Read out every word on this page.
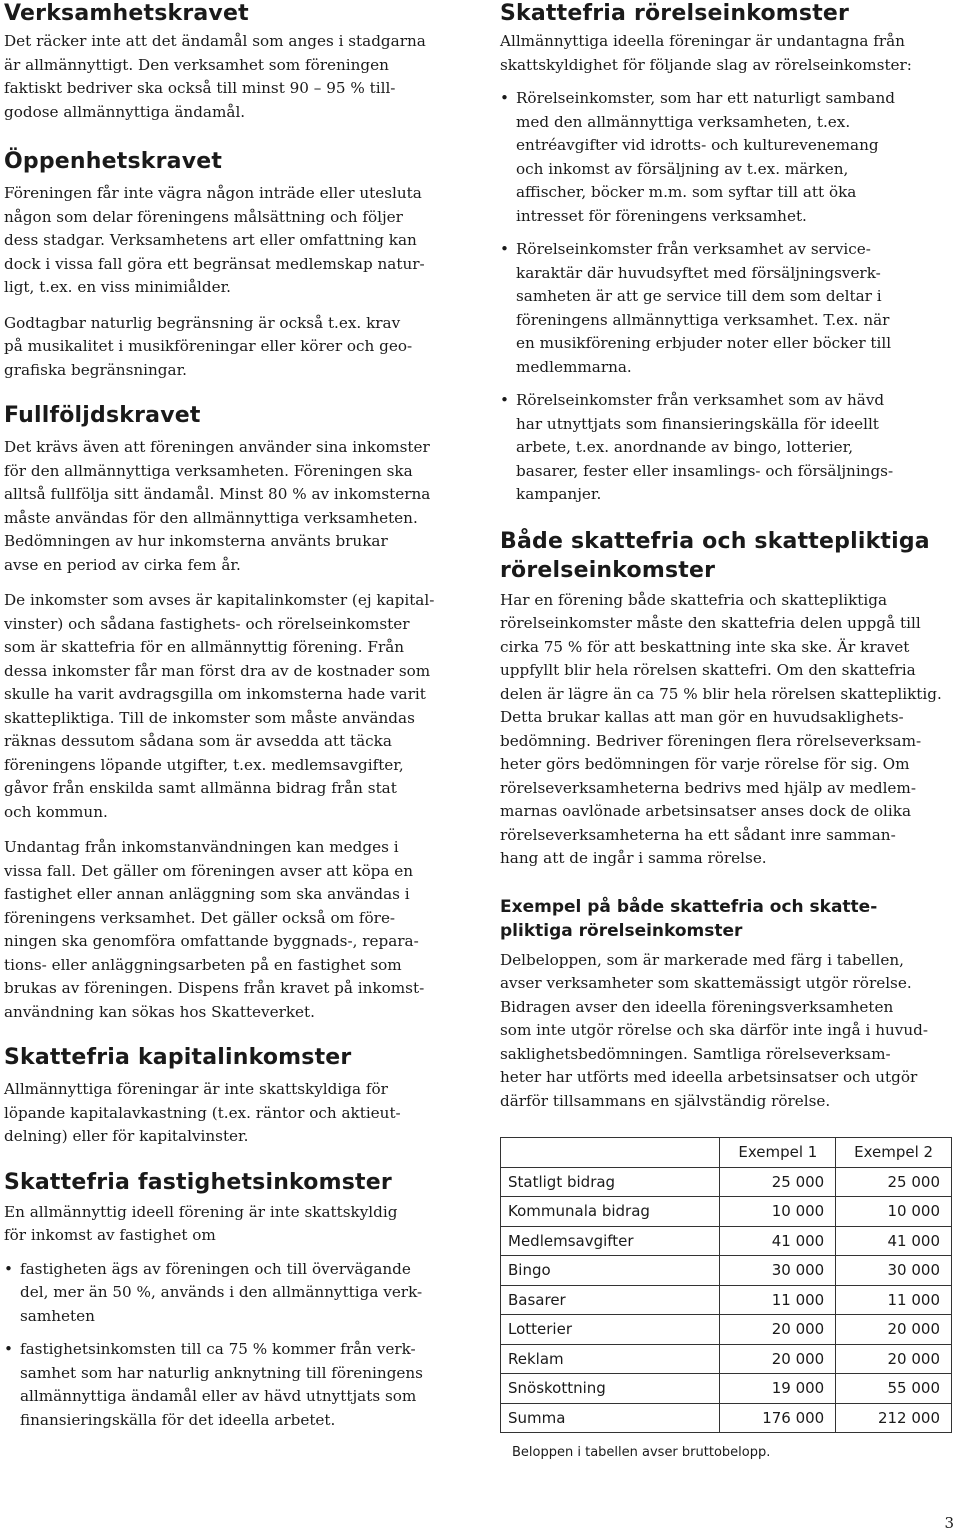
Verksamhetskravet

Det räcker inte att det ändamål som anges i stadgarna
är allmännyttigt. Den verksamhet som föreningen
faktiskt bedriver ska också till minst 90 – 95 % till-
godose allmännyttiga ändamål.

Öppenhetskravet

Föreningen får inte vägra någon inträde eller utesluta
någon som delar föreningens målsättning och följer
dess stadgar. Verksamhetens art eller omfattning kan
dock i vissa fall göra ett begränsat medlemskap natur-
ligt, t.ex. en viss minimiålder.

Godtagbar naturlig begränsning är också t.ex. krav
på musikalitet i musikföreningar eller körer och geo-
grafiska begränsningar.

Fullföljdskravet

Det krävs även att föreningen använder sina inkomster
för den allmännyttiga verksamheten. Föreningen ska
alltså fullfölja sitt ändamål. Minst 80 % av inkomsterna
måste användas för den allmännyttiga verksamheten.
Bedömningen av hur inkomsterna använts brukar
avse en period av cirka fem år.

De inkomster som avses är kapitalinkomster (ej kapital-
vinster) och sådana fastighets- och rörelseinkomster
som är skattefria för en allmännyttig förening. Från
dessa inkomster får man först dra av de kostnader som
skulle ha varit avdragsgilla om inkomsterna hade varit
skattepliktiga. Till de inkomster som måste användas
räknas dessutom sådana som är avsedda att täcka
föreningens löpande utgifter, t.ex. medlemsavgifter,
gåvor från enskilda samt allmänna bidrag från stat
och kommun.

Undantag från inkomstanvändningen kan medges i
vissa fall. Det gäller om föreningen avser att köpa en
fastighet eller annan anläggning som ska användas i
föreningens verksamhet. Det gäller också om före-
ningen ska genomföra omfattande byggnads-, repara-
tions- eller anläggningsarbeten på en fastighet som
brukas av föreningen. Dispens från kravet på inkomst-
användning kan sökas hos Skatteverket.

Skattefria kapitalinkomster

Allmännyttiga föreningar är inte skattskyldiga för
löpande kapitalavkastning (t.ex. räntor och aktieut-
delning) eller för kapitalvinster.

Skattefria fastighetsinkomster

En allmännyttig ideell förening är inte skattskyldig
för inkomst av fastighet om

• fastigheten ägs av föreningen och till övervägande
del, mer än 50 %, används i den allmännyttiga verk-
samheten
• fastighetsinkomsten till ca 75 % kommer från verk-
samhet som har naturlig anknytning till föreningens
allmännyttiga ändamål eller av hävd utnyttjats som
finansieringskälla för det ideella arbetet.
Skattefria rörelseinkomster

Allmännyttiga ideella föreningar är undantagna från
skattskyldighet för följande slag av rörelseinkomster:

• Rörelseinkomster, som har ett naturligt samband
med den allmännyttiga verksamheten, t.ex.
entréavgifter vid idrotts- och kulturevenemang
och inkomst av försäljning av t.ex. märken,
affischer, böcker m.m. som syftar till att öka
intresset för föreningens verksamhet.
• Rörelseinkomster från verksamhet av service-
karaktär där huvudsyftet med försäljningsverk-
samheten är att ge service till dem som deltar i
föreningens allmännyttiga verksamhet. T.ex. när
en musikförening erbjuder noter eller böcker till
medlemmarna.
• Rörelseinkomster från verksamhet som av hävd
har utnyttjats som finansieringskälla för ideellt
arbete, t.ex. anordnande av bingo, lotterier,
basarer, fester eller insamlings- och försäljnings-
kampanjer.
Både skattefria och skattepliktiga
rörelseinkomster

Har en förening både skattefria och skattepliktiga
rörelseinkomster måste den skattefria delen uppgå till
cirka 75 % för att beskattning inte ska ske. Är kravet
uppfyllt blir hela rörelsen skattefri. Om den skattefria
delen är lägre än ca 75 % blir hela rörelsen skattepliktig.
Detta brukar kallas att man gör en huvudsaklighets-
bedömning. Bedriver föreningen flera rörelseverksam-
heter görs bedömningen för varje rörelse för sig. Om
rörelseverksamheterna bedrivs med hjälp av medlem-
marnas oavlönade arbetsinsatser anses dock de olika
rörelseverksamheterna ha ett sådant inre samman-
hang att de ingår i samma rörelse.

Exempel på både skattefria och skatte-
pliktiga rörelseinkomster

Delbeloppen, som är markerade med färg i tabellen,
avser verksamheter som skattemässigt utgör rörelse.
Bidragen avser den ideella föreningsverksamheten
som inte utgör rörelse och ska därför inte ingå i huvud-
saklighetsbedömningen. Samtliga rörelseverksam-
heter har utförts med ideella arbetsinsatser och utgör
därför tillsammans en självständig rörelse.

	Exempel 1	Exempel 2
Statligt bidrag	25 000	25 000
Kommunala bidrag	10 000	10 000
Medlemsavgifter	41 000	41 000
Bingo	30 000	30 000
Basarer	11 000	11 000
Lotterier	20 000	20 000
Reklam	20 000	20 000
Snöskottning	19 000	55 000
Summa	176 000	212 000
Beloppen i tabellen avser bruttobelopp.
3
